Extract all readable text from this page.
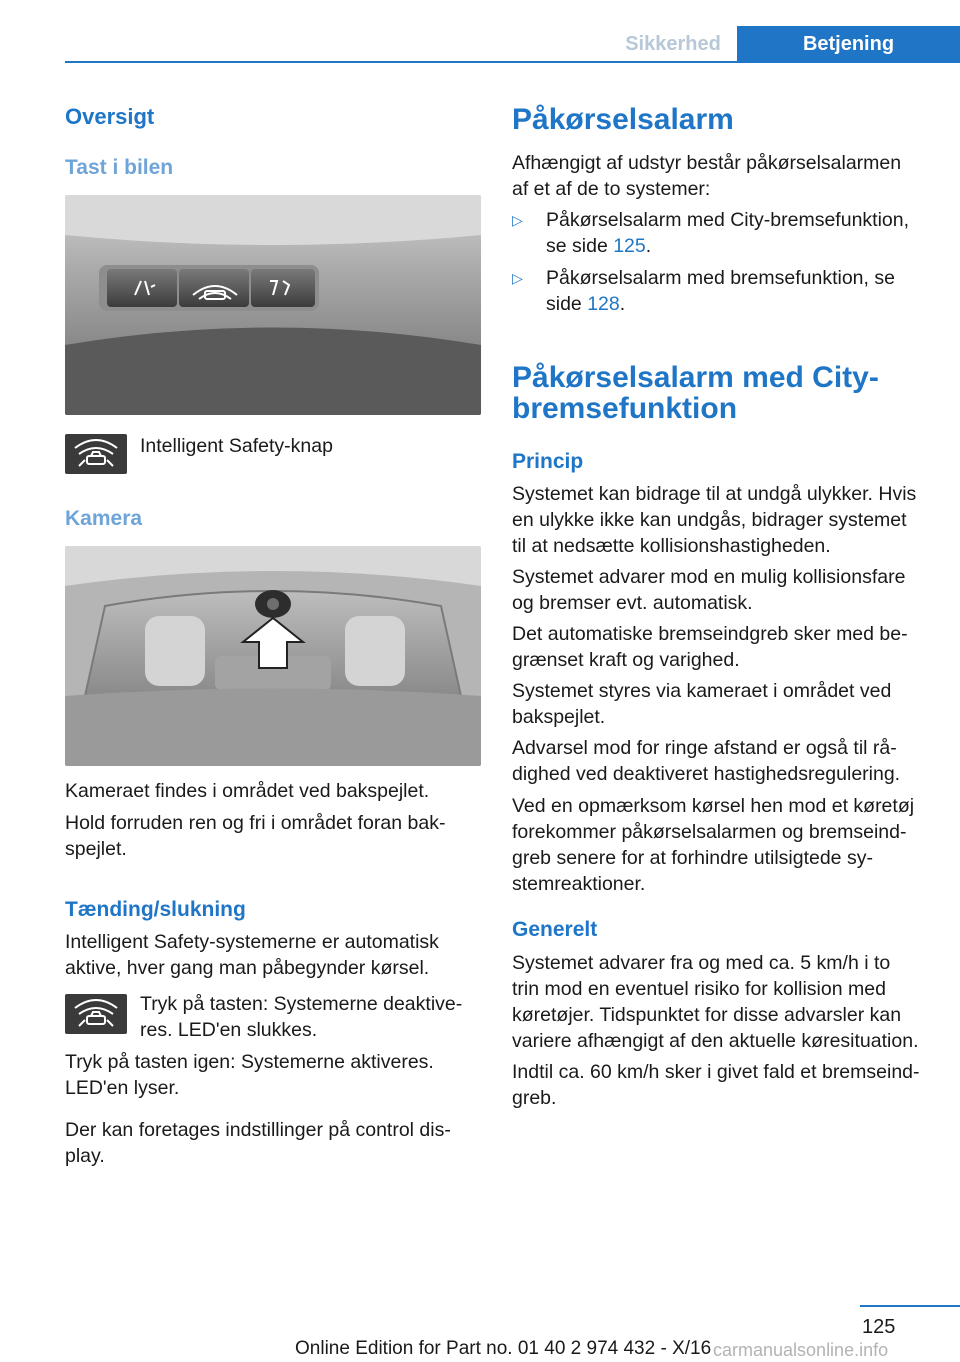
Sikkerhed	Betjening
Oversigt
Tast i bilen

Intelligent Safety-knap

Kamera

Kameraet findes i området ved bakspejlet.

Hold forruden ren og fri i området foran bak‐

spejlet.

Tænding/slukning

Intelligent Safety-systemerne er automatisk

aktive, hver gang man påbegynder kørsel.

Tryk på tasten: Systemerne deaktive‐

res. LED'en slukkes.

Tryk på tasten igen: Systemerne aktiveres.

LED'en lyser.

Der kan foretages indstillinger på control dis‐

play.

Påkørselsalarm

Afhængigt af udstyr består påkørselsalarmen

af et af de to systemer:

▷ Påkørselsalarm med City-bremsefunktion,

se side 125.

▷ Påkørselsalarm med bremsefunktion, se

side 128.

Påkørselsalarm med City-
bremsefunktion
Princip

Systemet kan bidrage til at undgå ulykker. Hvis

en ulykke ikke kan undgås, bidrager systemet

til at nedsætte kollisionshastigheden.

Systemet advarer mod en mulig kollisionsfare

og bremser evt. automatisk.

Det automatiske bremseindgreb sker med be‐

grænset kraft og varighed.

Systemet styres via kameraet i området ved

bakspejlet.

Advarsel mod for ringe afstand er også til rå‐

dighed ved deaktiveret hastighedsregulering.

Ved en opmærksom kørsel hen mod et køretøj

forekommer påkørselsalarmen og bremseind‐

greb senere for at forhindre utilsigtede sy‐

stemreaktioner.

Generelt

Systemet advarer fra og med ca. 5 km/h i to

trin mod en eventuel risiko for kollision med

køretøjer. Tidspunktet for disse advarsler kan

variere afhængigt af den aktuelle køresituation.

Indtil ca. 60 km/h sker i givet fald et bremseind‐

greb.

125
Online Edition for Part no. 01 40 2 974 432 - X/16 carmanualsonline.info
